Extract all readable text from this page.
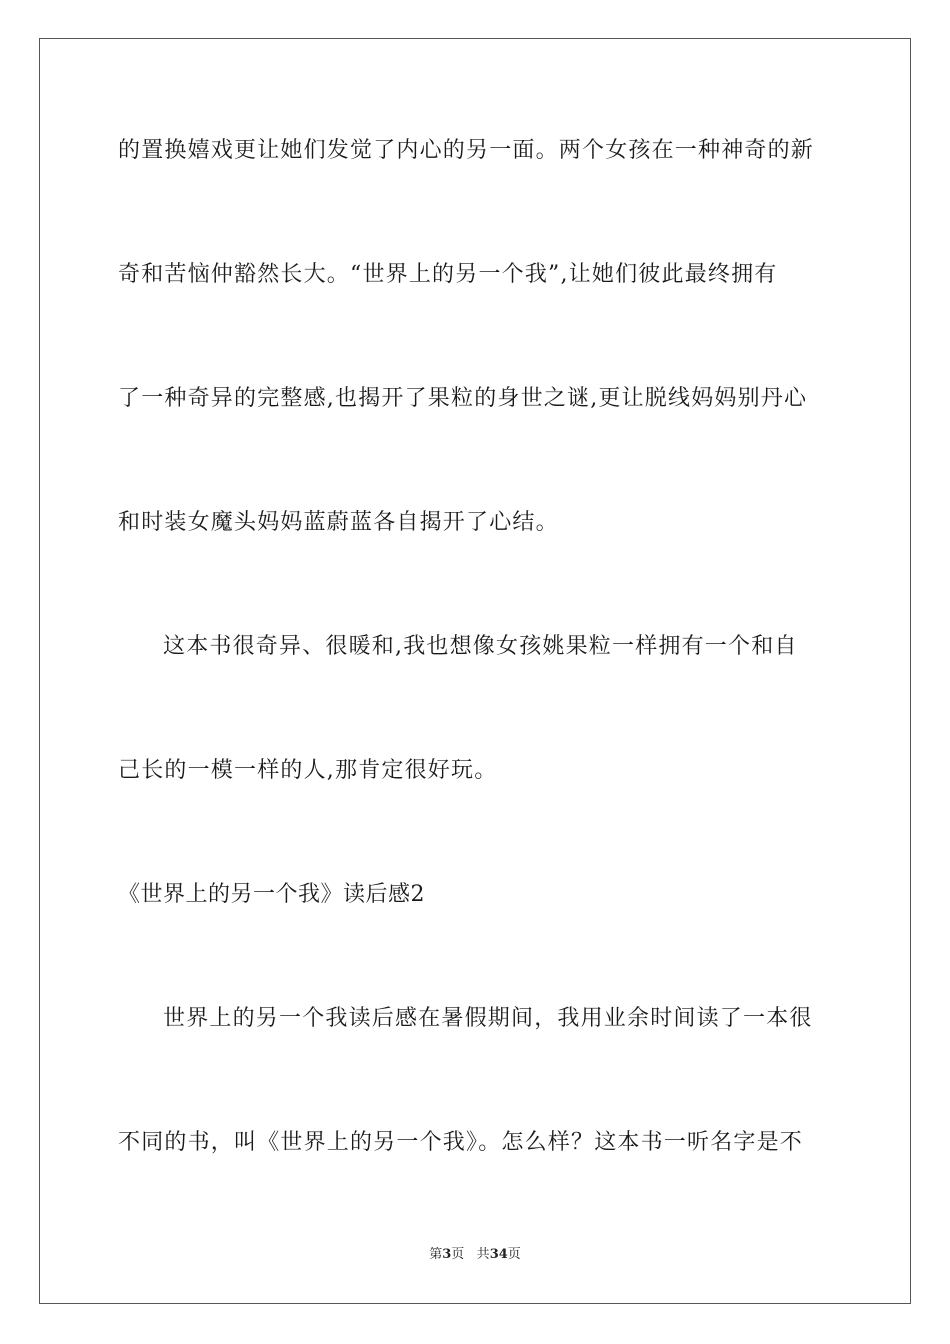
的置换嬉戏更让她们发觉了内心的另一面。两个女孩在一种神奇的新
奇和苦恼仲豁然长大。“世界上的另一个我”,让她们彼此最终拥有
了一种奇异的完整感,也揭开了果粒的身世之谜,更让脱线妈妈别丹心
和时装女魔头妈妈蓝蔚蓝各自揭开了心结。
这本书很奇异、很暖和,我也想像女孩姚果粒一样拥有一个和自
己长的一模一样的人,那肯定很好玩。
《世界上的另一个我》读后感2
世界上的另一个我读后感在暑假期间，我用业余时间读了一本很
不同的书，叫《世界上的另一个我》。怎么样？这本书一听名字是不
第3页 共34页
